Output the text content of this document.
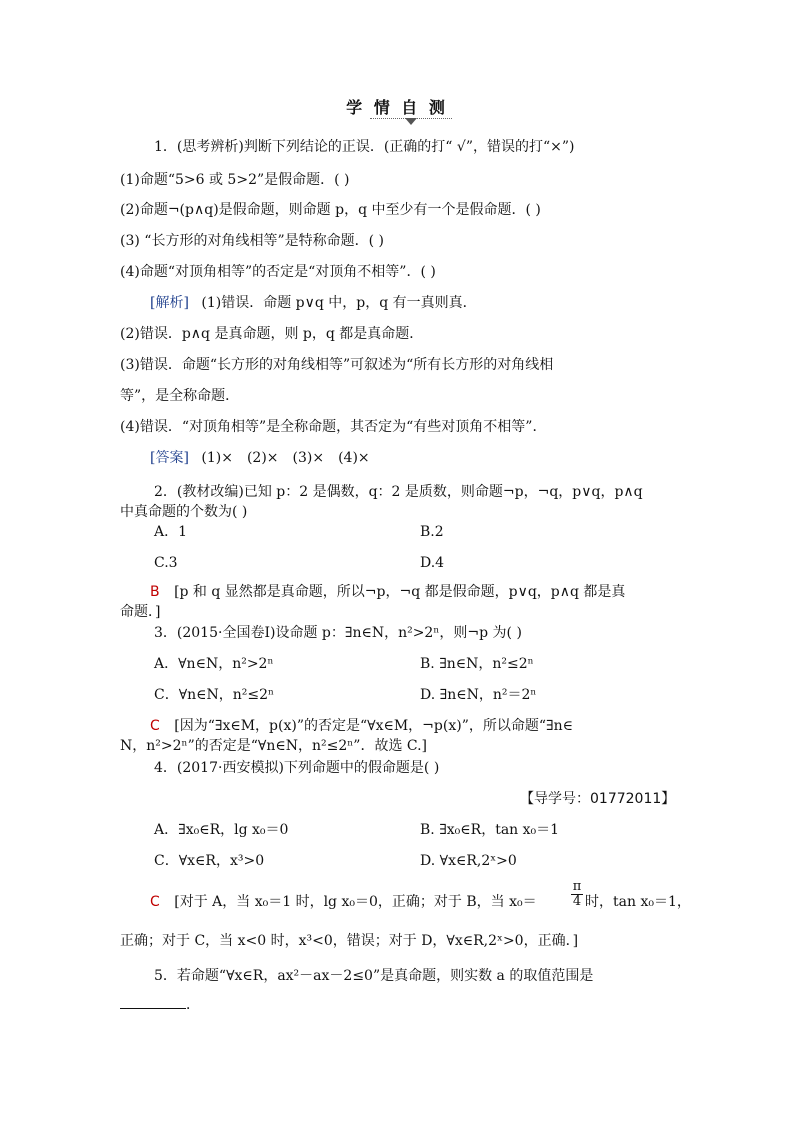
学 情 自 测
1．(思考辨析)判断下列结论的正误．(正确的打“ √”，错误的打“×”)
(1)命题“5>6 或 5>2”是假命题．( )
(2)命题¬(p∧q)是假命题，则命题 p，q 中至少有一个是假命题．( )
(3) “长方形的对角线相等”是特称命题．( )
(4)命题“对顶角相等”的否定是“对顶角不相等”．( )
[解析] (1)错误．命题 p∨q 中，p，q 有一真则真．
(2)错误．p∧q 是真命题，则 p，q 都是真命题．
(3)错误．命题“长方形的对角线相等”可叙述为“所有长方形的对角线相
等”，是全称命题．
(4)错误．“对顶角相等”是全称命题，其否定为“有些对顶角不相等”．
[答案] (1)×　(2)×　(3)×　(4)×
2．(教材改编)已知 p：2 是偶数，q：2 是质数，则命题¬p，¬q，p∨q，p∧q
中真命题的个数为( )
A．1	B.2
C.3	D.4
B [p 和 q 显然都是真命题，所以¬p，¬q 都是假命题，p∨q，p∧q 都是真
命题．]
3．(2015·全国卷Ⅰ)设命题 p：∃n∈N，n²>2ⁿ，则¬p 为( )
A．∀n∈N，n²>2ⁿ	B. ∃n∈N，n²≤2ⁿ
C．∀n∈N，n²≤2ⁿ	D. ∃n∈N，n²＝2ⁿ
C [因为“∃x∈M，p(x)”的否定是“∀x∈M，¬p(x)”，所以命题“∃n∈
N，n²>2ⁿ”的否定是“∀n∈N，n²≤2ⁿ”．故选 C.]
4．(2017·西安模拟)下列命题中的假命题是( )
【导学号：01772011】
A．∃x₀∈R，lg x₀＝0	B. ∃x₀∈R，tan x₀＝1
C．∀x∈R，x³>0	D. ∀x∈R,2ˣ>0
C [对于 A，当 x₀＝1 时，lg x₀＝0，正确；对于 B，当 x₀＝	$\frac{\pi}{4}$ 时，tan x₀＝1，
正确；对于 C，当 x<0 时，x³<0，错误；对于 D，∀x∈R,2ˣ>0，正确．]
5．若命题“∀x∈R，ax²－ax－2≤0”是真命题，则实数 a 的取值范围是
．
